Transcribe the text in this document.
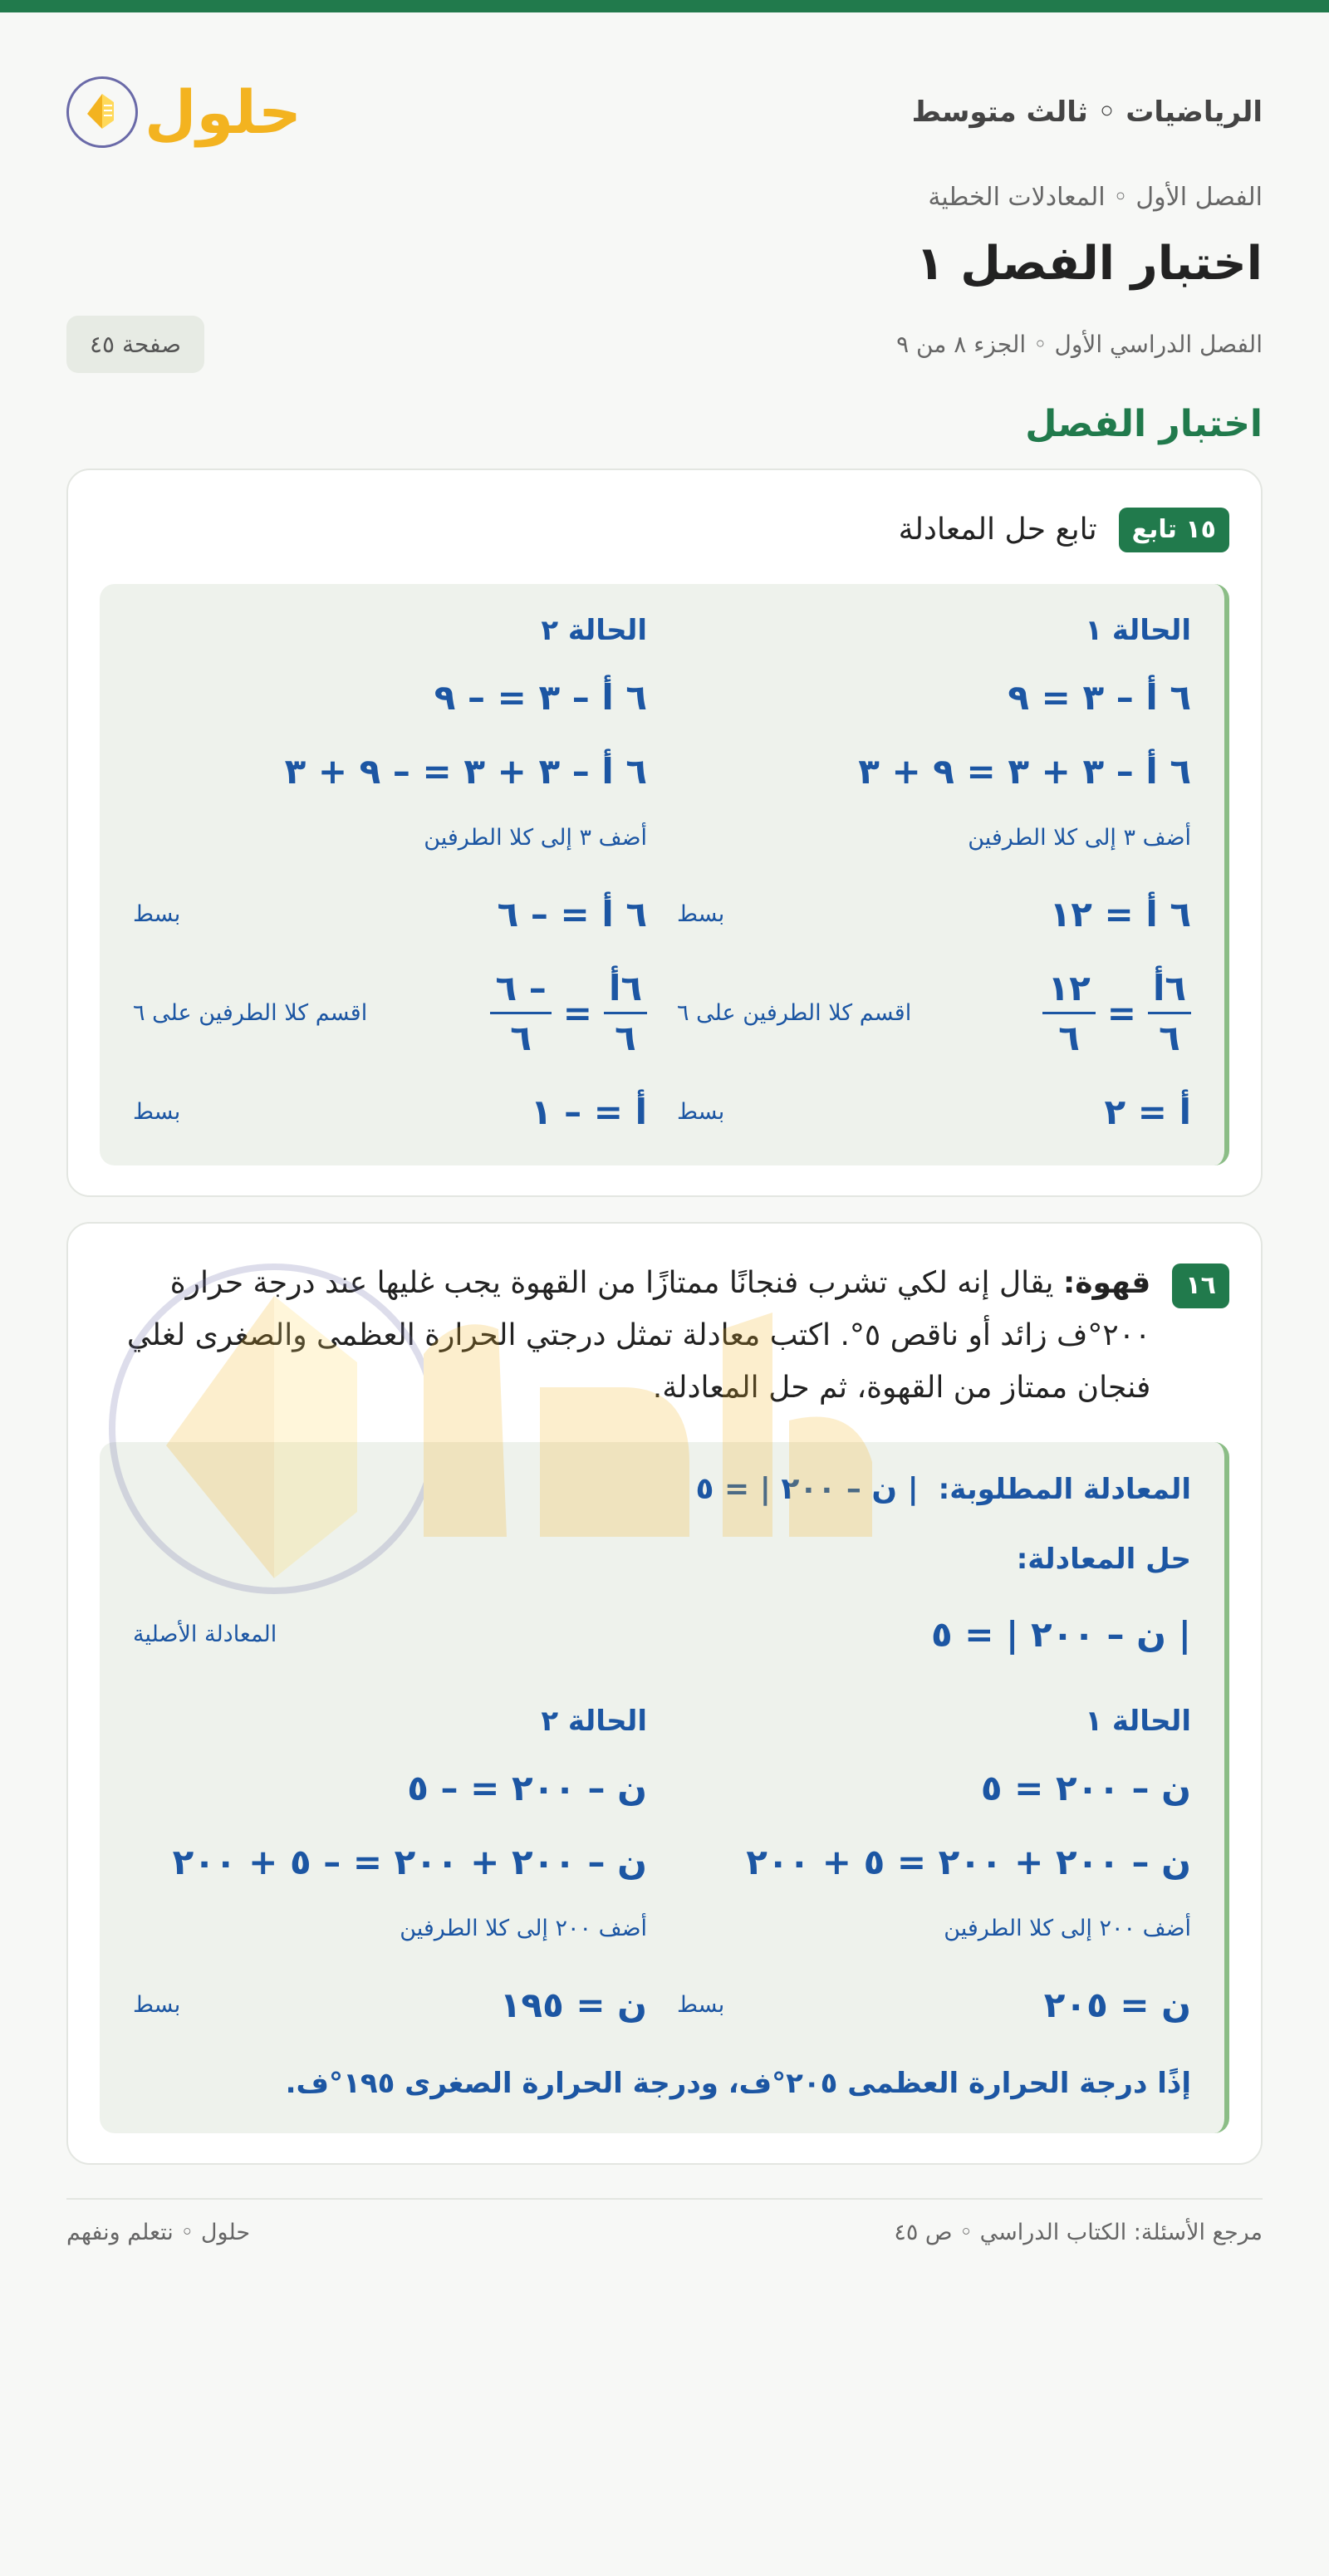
الرياضيات ◦ ثالث متوسط
حلول
الفصل الأول ◦ المعادلات الخطية
اختبار الفصل ١
الفصل الدراسي الأول ◦ الجزء ٨ من ٩
صفحة ٤٥
اختبار الفصل
١٥ تابع
تابع حل المعادلة
الحالة ١
٦ أ – ٣ = ٩
٦ أ – ٣ + ٣ = ٩ + ٣
أضف ٣ إلى كلا الطرفين
٦ أ = ١٢
بسط
$\frac{\text{٦أ}}{٦}$
=
$\frac{١٢}{٦}$
اقسم كلا الطرفين على ٦
أ = ٢
بسط
الحالة ٢
٦ أ – ٣ = – ٩
٦ أ – ٣ + ٣ = – ٩ + ٣
أضف ٣ إلى كلا الطرفين
٦ أ = – ٦
بسط
$\frac{\text{٦أ}}{٦}$
=
$\frac{- ٦}{٦}$
اقسم كلا الطرفين على ٦
أ = – ١
بسط
١٦
قهوة: يقال إنه لكي تشرب فنجانًا ممتازًا من القهوة يجب غليها عند درجة حرارة ٢٠٠°ف زائد أو ناقص ٥°. اكتب معادلة تمثل درجتي الحرارة العظمى والصغرى لغلي فنجان ممتاز من القهوة، ثم حل المعادلة.
المعادلة المطلوبة: | ن – ٢٠٠ | = ٥
حل المعادلة:
| ن – ٢٠٠ | = ٥
المعادلة الأصلية
الحالة ١
ن – ٢٠٠ = ٥
ن – ٢٠٠ + ٢٠٠ = ٥ + ٢٠٠
أضف ٢٠٠ إلى كلا الطرفين
ن = ٢٠٥
بسط
الحالة ٢
ن – ٢٠٠ = – ٥
ن – ٢٠٠ + ٢٠٠ = – ٥ + ٢٠٠
أضف ٢٠٠ إلى كلا الطرفين
ن = ١٩٥
بسط
إذًا درجة الحرارة العظمى ٢٠٥°ف، ودرجة الحرارة الصغرى ١٩٥°ف.
مرجع الأسئلة: الكتاب الدراسي ◦ ص ٤٥
حلول ◦ نتعلم ونفهم
